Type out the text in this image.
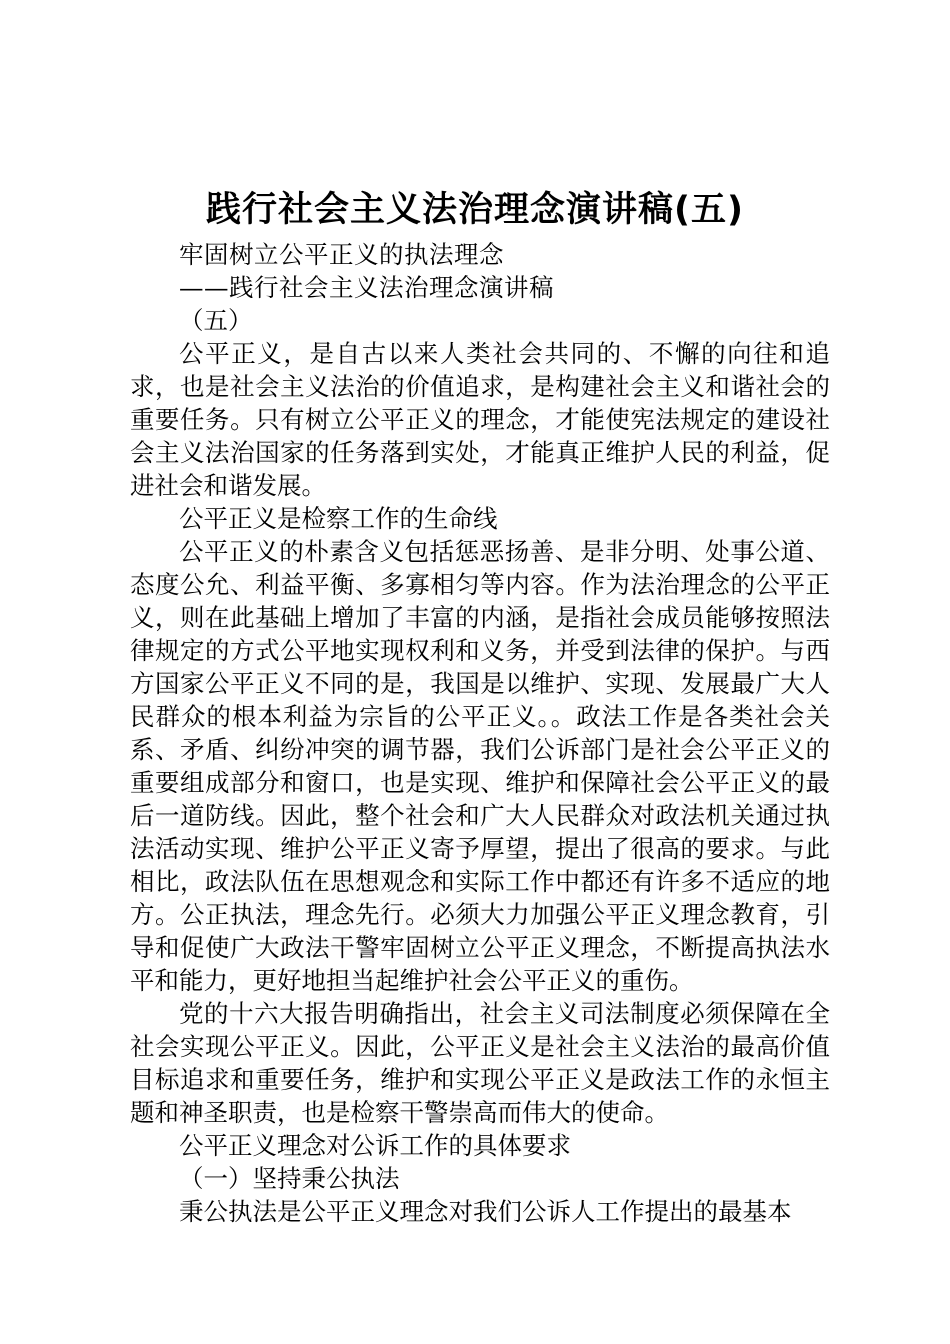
践行社会主义法治理念演讲稿(五)

牢固树立公平正义的执法理念

——践行社会主义法治理念演讲稿

（五）

公平正义，是自古以来人类社会共同的、不懈的向往和追求，也是社会主义法治的价值追求，是构建社会主义和谐社会的重要任务。只有树立公平正义的理念，才能使宪法规定的建设社会主义法治国家的任务落到实处，才能真正维护人民的利益，促进社会和谐发展。

公平正义是检察工作的生命线

公平正义的朴素含义包括惩恶扬善、是非分明、处事公道、态度公允、利益平衡、多寡相匀等内容。作为法治理念的公平正义，则在此基础上增加了丰富的内涵，是指社会成员能够按照法律规定的方式公平地实现权利和义务，并受到法律的保护。与西方国家公平正义不同的是，我国是以维护、实现、发展最广大人民群众的根本利益为宗旨的公平正义。。政法工作是各类社会关系、矛盾、纠纷冲突的调节器，我们公诉部门是社会公平正义的重要组成部分和窗口，也是实现、维护和保障社会公平正义的最后一道防线。因此，整个社会和广大人民群众对政法机关通过执法活动实现、维护公平正义寄予厚望，提出了很高的要求。与此相比，政法队伍在思想观念和实际工作中都还有许多不适应的地方。公正执法，理念先行。必须大力加强公平正义理念教育，引导和促使广大政法干警牢固树立公平正义理念，不断提高执法水平和能力，更好地担当起维护社会公平正义的重伤。

党的十六大报告明确指出，社会主义司法制度必须保障在全社会实现公平正义。因此，公平正义是社会主义法治的最高价值目标追求和重要任务，维护和实现公平正义是政法工作的永恒主题和神圣职责，也是检察干警崇高而伟大的使命。

公平正义理念对公诉工作的具体要求

（一）坚持秉公执法

秉公执法是公平正义理念对我们公诉人工作提出的最基本
